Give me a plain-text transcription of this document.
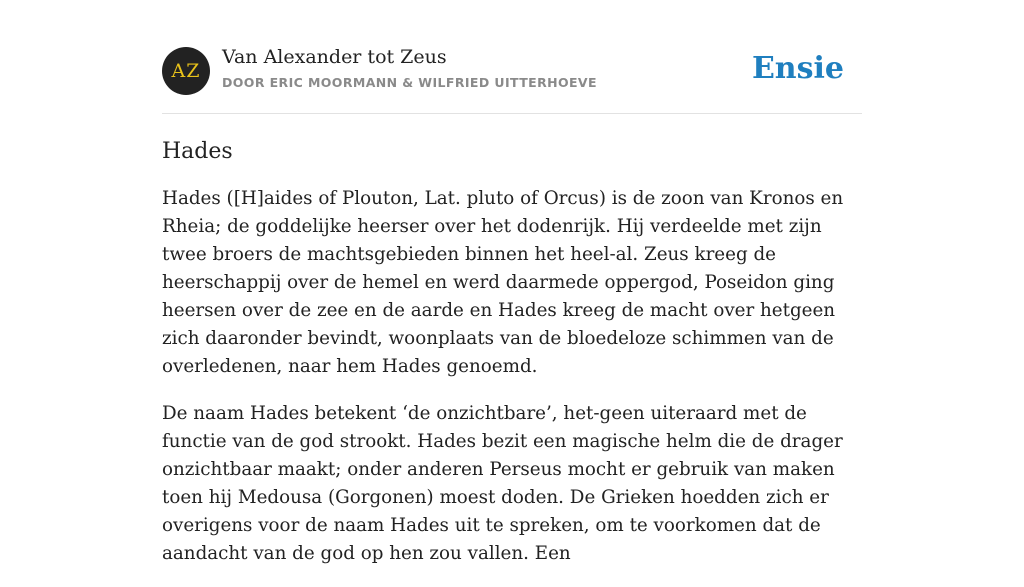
AZ
Van Alexander tot Zeus
DOOR ERIC MOORMANN & WILFRIED UITTERHOEVE	Ensie
Hades

Hades ([H]aides of Plouton, Lat. pluto of Orcus) is de zoon van Kronos en Rheia; de goddelijke heerser over het dodenrijk. Hij verdeelde met zijn twee broers de machtsgebieden binnen het heel-al. Zeus kreeg de heerschappij over de hemel en werd daarmede oppergod, Poseidon ging heersen over de zee en de aarde en Hades kreeg de macht over hetgeen zich daaronder bevindt, woonplaats van de bloedeloze schimmen van de overledenen, naar hem Hades genoemd.

De naam Hades betekent ‘de onzichtbare’, het-geen uiteraard met de functie van de god strookt. Hades bezit een magische helm die de drager onzichtbaar maakt; onder anderen Perseus mocht er gebruik van maken toen hij Medousa (Gorgonen) moest doden. De Grieken hoedden zich er overigens voor de naam Hades uit te spreken, om te voorkomen dat de aandacht van de god op hen zou vallen. Een
